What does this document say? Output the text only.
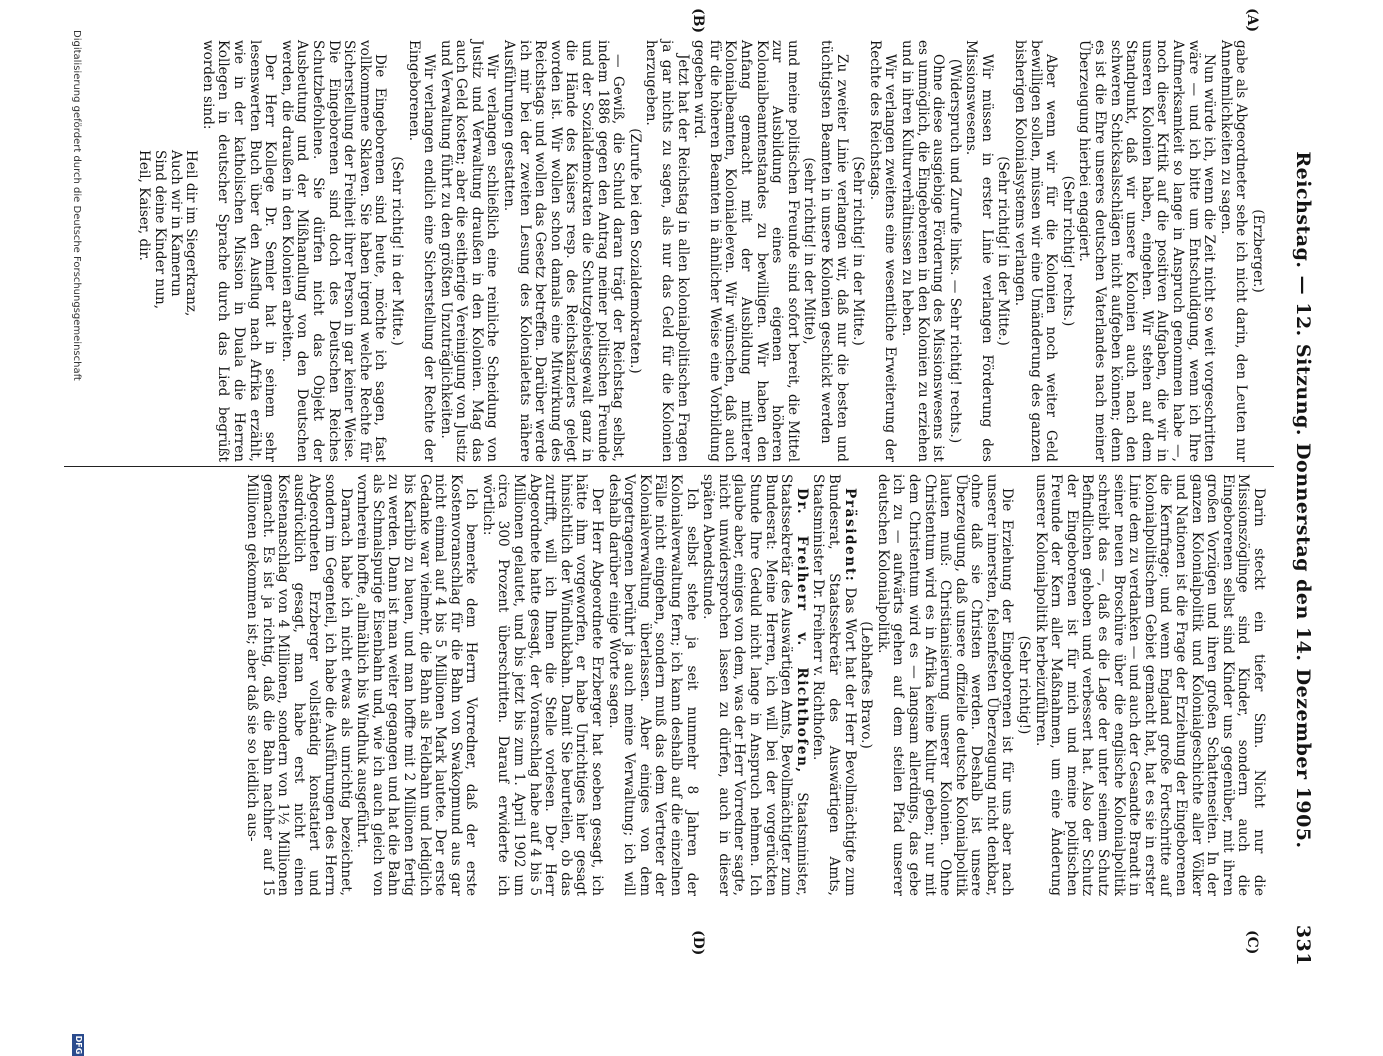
Reichstag. — 12. Sitzung. Donnerstag den 14. Dezember 1905.
331
(A)
(B)
(C)
(D)

(Erzberger.)

gabe als Abgeordneter sehe ich nicht darin, den Leuten nur Annehmlichkeiten zu sagen.

Nun würde ich, wenn die Zeit nicht so weit vorgeschritten wäre — und ich bitte um Entschuldigung, wenn ich Ihre Aufmerksamkeit so lange in Anspruch genommen habe —, noch dieser Kritik auf die positiven Aufgaben, die wir in unseren Kolonien haben, eingehen. Wir stehen auf dem Standpunkt, daß wir unsere Kolonien auch nach den schweren Schicksalsschlägen nicht aufgeben können; denn es ist die Ehre unseres deutschen Vaterlandes nach meiner Überzeugung hierbei engagiert.

(Sehr richtig! rechts.)

Aber wenn wir für die Kolonien noch weiter Geld bewilligen sollen, müssen wir eine Umänderung des ganzen bisherigen Kolonialsystems verlangen.

(Sehr richtig! in der Mitte.)

Wir müssen in erster Linie verlangen Förderung des Missionswesens.

(Widerspruch und Zurufe links. — Sehr richtig! rechts.)

Ohne diese ausgiebige Förderung des Missionswesens ist es unmöglich, die Eingeborenen in den Kolonien zu erziehen und in ihren Kulturverhältnissen zu heben.

Wir verlangen zweitens eine wesentliche Erweiterung der Rechte des Reichstags.

(Sehr richtig! in der Mitte.)

Zu zweiter Linie verlangen wir, daß nur die besten und tüchtigsten Beamten in unsere Kolonien geschickt werden

(sehr richtig! in der Mitte),

und meine politischen Freunde sind sofort bereit, die Mittel zur Ausbildung eines eigenen höheren Kolonialbeamtenstandes zu bewilligen. Wir haben den Anfang gemacht mit der Ausbildung mittlerer Kolonialbeamten, Kolonialeleven. Wir wünschen, daß auch für die höheren Beamten in ähnlicher Weise eine Vorbildung gegeben wird.

Jetzt hat der Reichstag in allen kolonialpolitischen Fragen ja gar nichts zu sagen, als nur das Geld für die Kolonien herzugeben.

(Zurufe bei den Sozialdemokraten.)

— Gewiß, die Schuld daran trägt der Reichstag selbst, indem 1886 gegen den Antrag meiner politischen Freunde und der Sozialdemokraten die Schutzgebietsgewalt ganz in die Hände des Kaisers resp. des Reichskanzlers gelegt worden ist. Wir wollen schon damals eine Mitwirkung des Reichstags und wollen das Gesetz betreffen. Darüber werde ich mir bei der zweiten Lesung des Kolonialetats nähere Ausführungen gestatten.

Wir verlangen schließlich eine reinliche Scheidung von Justiz und Verwaltung draußen in den Kolonien. Mag das auch Geld kosten; aber die seitherige Vereinigung von Justiz und Verwaltung führt zu den größten Unzuträglichkeiten.

Wir verlangen endlich eine Sicherstellung der Rechte der Eingeborenen.

(Sehr richtig! in der Mitte.)

Die Eingeborenen sind heute, möchte ich sagen, fast vollkommene Sklaven. Sie haben irgend welche Rechte für Sicherstellung der Freiheit ihrer Person in gar keiner Weise. Die Eingeborenen sind doch des Deutschen Reiches Schutzbefohlene. Sie dürfen nicht das Objekt der Ausbeutung und der Mißhandlung von den Deutschen werden, die draußen in den Kolonien arbeiten.

Der Herr Kollege Dr. Semler hat in seinem sehr lesenswerten Buch über den Ausflug nach Afrika erzählt, wie in der katholischen Mission in Duala die Herren Kollegen in deutscher Sprache durch das Lied begrüßt worden sind:

Heil dir im Siegerkranz,

Auch wir in Kamerun

Sind deine Kinder nun,

Heil, Kaiser, dir.

Darin steckt ein tiefer Sinn. Nicht nur die Missionszöglinge sind Kinder, sondern auch die Eingeborenen selbst sind Kinder uns gegenüber, mit ihren großen Vorzügen und ihren großen Schattenseiten. In der ganzen Kolonialpolitik und Kolonialgeschichte aller Völker und Nationen ist die Frage der Erziehung der Eingeborenen die Kernfrage; und wenn England große Fortschritte auf kolonialpolitischem Gebiet gemacht hat, hat es sie in erster Linie dem zu verdanken — und auch der Gesandte Brandt in seiner neuen Broschüre über die englische Kolonialpolitik schreibt das —, daß es die Lage der unter seinem Schutz Befindlichen gehoben und verbessert hat. Also der Schutz der Eingeborenen ist für mich und meine politischen Freunde der Kern aller Maßnahmen, um eine Änderung unserer Kolonialpolitik herbeizuführen.

(Sehr richtig!)

Die Erziehung der Eingeborenen ist für uns aber nach unserer innersten, felsenfesten Überzeugung nicht denkbar, ohne daß sie Christen werden. Deshalb ist unsere Überzeugung, daß unsere offizielle deutsche Kolonialpolitik lauten muß: Christianisierung unserer Kolonien. Ohne Christentum wird es in Afrika keine Kultur geben; nur mit dem Christentum wird es — langsam allerdings, das gebe ich zu — aufwärts gehen auf dem steilen Pfad unserer deutschen Kolonialpolitik.

(Lebhaftes Bravo.)

Präsident: Das Wort hat der Herr Bevollmächtigte zum Bundesrat, Staatssekretär des Auswärtigen Amts, Staatsminister Dr. Freiherr v. Richthofen.

Dr. Freiherr v. Richthofen, Staatsminister, Staatssekretär des Auswärtigen Amts, Bevollmächtigter zum Bundesrat: Meine Herren, ich will bei der vorgerückten Stunde Ihre Geduld nicht lange in Anspruch nehmen. Ich glaube aber, einiges von dem, was der Herr Vorredner sagte, nicht unwidersprochen lassen zu dürfen, auch in dieser späten Abendstunde.

Ich selbst stehe ja seit nunmehr 8 Jahren der Kolonialverwaltung fern; ich kann deshalb auf die einzelnen Fälle nicht eingehen, sondern muß das dem Vertreter der Kolonialverwaltung überlassen. Aber einiges von dem Vorgetragenen berührt ja auch meine Verwaltung; ich will deshalb darüber einige Worte sagen.

Der Herr Abgeordnete Erzberger hat soeben gesagt, ich hätte ihm vorgeworfen, er habe Unrichtiges hier gesagt hinsichtlich der Windhukbahn. Damit Sie beurteilen, ob das zutrifft, will ich Ihnen die Stelle vorlesen. Der Herr Abgeordnete hatte gesagt, der Voranschlag habe auf 4 bis 5 Millionen gelautet, und bis jetzt bis zum 1. April 1902 um circa 300 Prozent überschritten. Darauf erwiderte ich wörtlich:

Ich bemerke dem Herrn Vorredner, daß der erste Kostenvoranschlag für die Bahn von Swakopmund aus gar nicht einmal auf 4 bis 5 Millionen Mark lautete. Der erste Gedanke war vielmehr, die Bahn als Feldbahn und lediglich bis Karibib zu bauen, und man hoffte mit 2 Millionen fertig zu werden. Dann ist man weiter gegangen und hat die Bahn als Schmalspurige Eisenbahn und, wie ich auch gleich von vornherein hoffte, allmählich bis Windhuk ausgeführt.

Darnach habe ich nicht etwas als unrichtig bezeichnet, sondern im Gegenteil, ich habe die Ausführungen des Herrn Abgeordneten Erzberger vollständig konstatiert und ausdrücklich gesagt, man habe erst nicht einen Kostenanschlag von 4 Millionen, sondern von 1½ Millionen gemacht. Es ist ja richtig, daß die Bahn nachher auf 15 Millionen gekommen ist; aber daß sie so leidlich aus-

Digitalisierung gefördert durch die Deutsche Forschungsgemeinschaft
DFG
